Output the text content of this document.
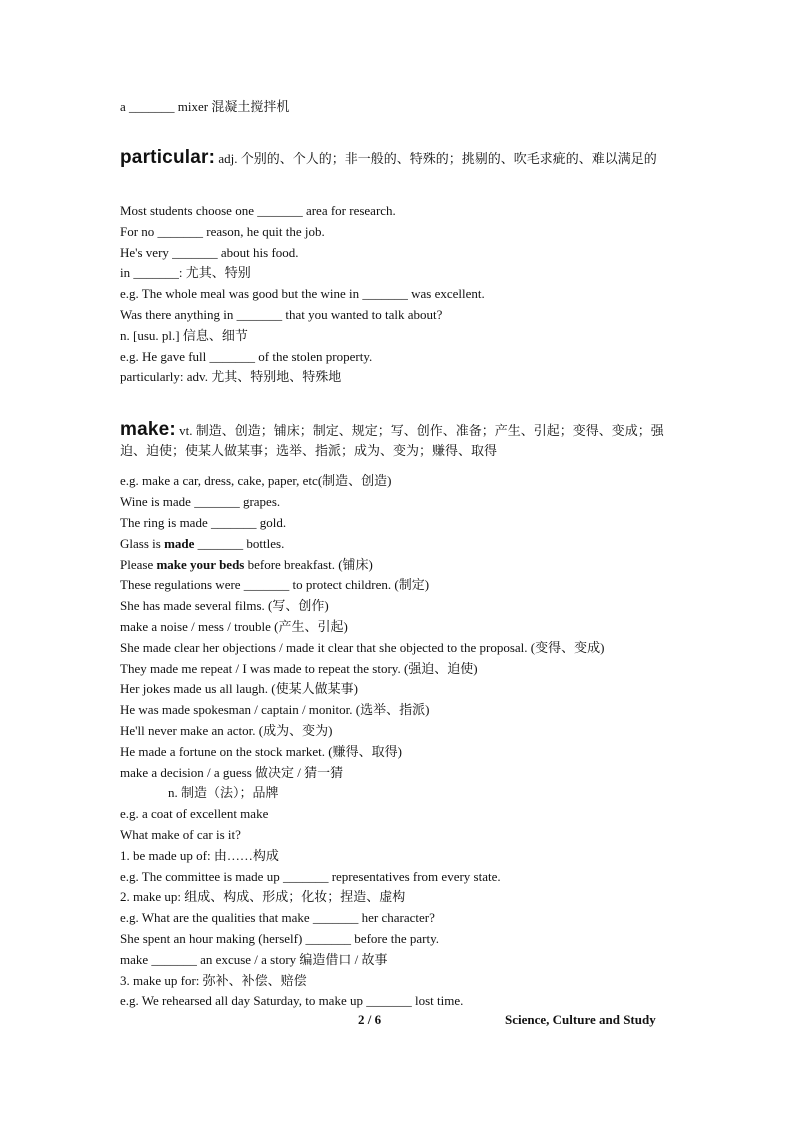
a _______ mixer 混凝土搅拌机
particular: adj. 个别的、个人的；非一般的、特殊的；挑剔的、吹毛求疵的、难以满足的
Most students choose one _______ area for research.
For no _______ reason, he quit the job.
He's very _______ about his food.
in _______: 尤其、特别
e.g. The whole meal was good but the wine in _______ was excellent.
Was there anything in _______ that you wanted to talk about?
n. [usu. pl.] 信息、细节
e.g. He gave full _______ of the stolen property.
particularly: adv. 尤其、特别地、特殊地
make: vt. 制造、创造；铺床；制定、规定；写、创作、准备；产生、引起；变得、变成；强迫、迫使；使某人做某事；选举、指派；成为、变为；赚得、取得
e.g. make a car, dress, cake, paper, etc(制造、创造)
Wine is made _______ grapes.
The ring is made _______ gold.
Glass is made _______ bottles.
Please make your beds before breakfast. (铺床)
These regulations were _______ to protect children. (制定)
She has made several films. (写、创作)
make a noise / mess / trouble (产生、引起)
She made clear her objections / made it clear that she objected to the proposal. (变得、变成)
They made me repeat / I was made to repeat the story. (强迫、迫使)
Her jokes made us all laugh. (使某人做某事)
He was made spokesman / captain / monitor. (选举、指派)
He'll never make an actor. (成为、变为)
He made a fortune on the stock market. (赚得、取得)
make a decision / a guess 做决定 / 猜一猜
n. 制造（法）；品牌
e.g. a coat of excellent make
What make of car is it?
1. be made up of: 由……构成
e.g. The committee is made up _______ representatives from every state.
2. make up: 组成、构成、形成；化妆；捏造、虚构
e.g. What are the qualities that make _______ her character?
She spent an hour making (herself) _______ before the party.
make _______ an excuse / a story 编造借口 / 故事
3. make up for: 弥补、补偿、赔偿
e.g. We rehearsed all day Saturday, to make up _______ lost time.
2 / 6	Science, Culture and Study
